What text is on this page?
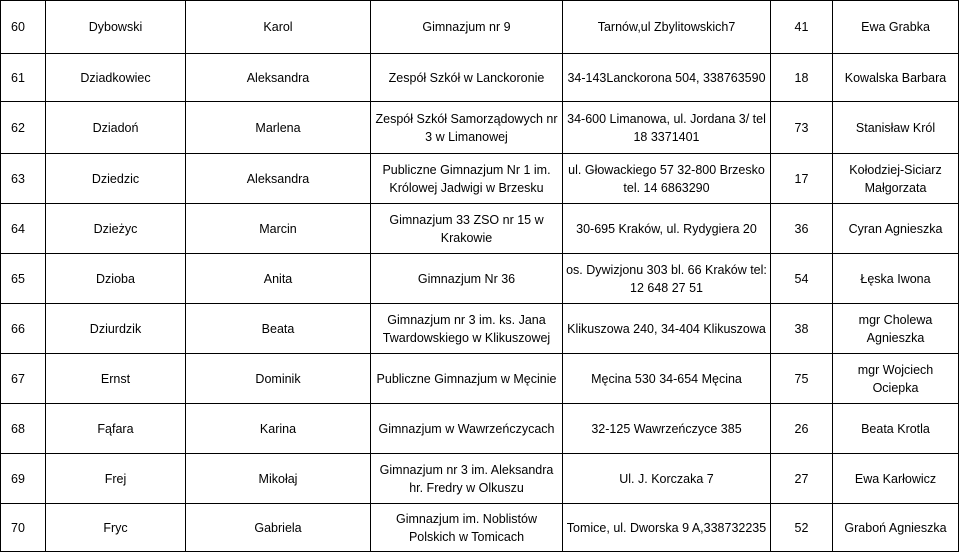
60	Dybowski	Karol	Gimnazjum nr 9	Tarnów,ul Zbylitowskich7	41	Ewa Grabka
61	Dziadkowiec	Aleksandra	Zespół Szkół w Lanckoronie	34-143Lanckorona 504, 338763590	18	Kowalska Barbara
62	Dziadoń	Marlena	Zespół Szkół Samorządowych nr 3 w Limanowej	34-600 Limanowa, ul. Jordana 3/ tel 18 3371401	73	Stanisław Król
63	Dziedzic	Aleksandra	Publiczne Gimnazjum Nr 1 im. Królowej Jadwigi w Brzesku	ul. Głowackiego 57 32-800 Brzesko tel. 14 6863290	17	Kołodziej-Siciarz Małgorzata
64	Dzieżyc	Marcin	Gimnazjum 33 ZSO nr 15 w Krakowie	30-695 Kraków, ul. Rydygiera 20	36	Cyran Agnieszka
65	Dzioba	Anita	Gimnazjum Nr 36	os. Dywizjonu 303 bl. 66 Kraków tel: 12 648 27 51	54	Łęska Iwona
66	Dziurdzik	Beata	Gimnazjum nr 3 im. ks. Jana Twardowskiego w Klikuszowej	Klikuszowa 240, 34-404 Klikuszowa	38	mgr Cholewa Agnieszka
67	Ernst	Dominik	Publiczne Gimnazjum w Męcinie	Męcina 530 34-654 Męcina	75	mgr Wojciech Ociepka
68	Fąfara	Karina	Gimnazjum w Wawrzeńczycach	32-125 Wawrzeńczyce 385	26	Beata Krotla
69	Frej	Mikołaj	Gimnazjum nr 3 im. Aleksandra hr. Fredry w Olkuszu	Ul. J. Korczaka 7	27	Ewa Karłowicz
70	Fryc	Gabriela	Gimnazjum im. Noblistów Polskich w Tomicach	Tomice, ul. Dworska 9 A,338732235	52	Graboń Agnieszka
